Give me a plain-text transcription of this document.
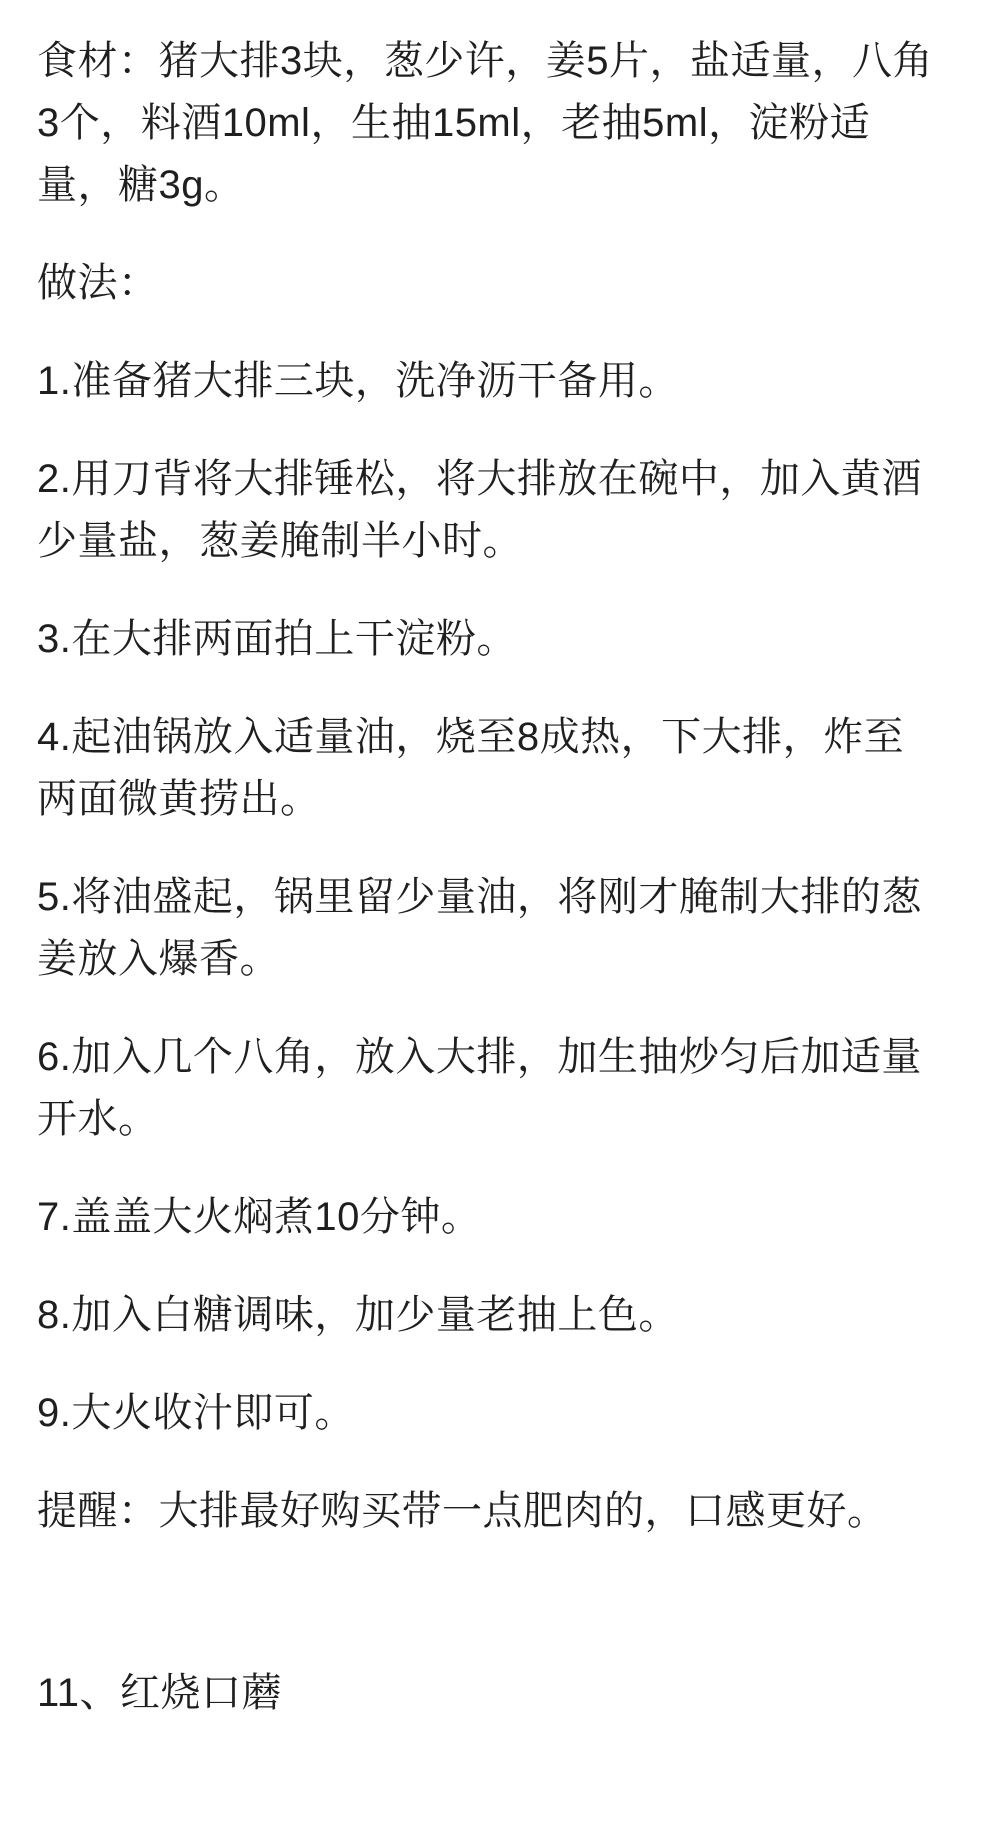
食材：猪大排3块，葱少许，姜5片，盐适量，八角
3个，料酒10ml，生抽15ml，老抽5ml，淀粉适
量，糖3g。

做法：

1.准备猪大排三块，洗净沥干备用。

2.用刀背将大排锤松，将大排放在碗中，加入黄酒
少量盐，葱姜腌制半小时。

3.在大排两面拍上干淀粉。

4.起油锅放入适量油，烧至8成热，下大排，炸至
两面微黄捞出。

5.将油盛起，锅里留少量油，将刚才腌制大排的葱
姜放入爆香。

6.加入几个八角，放入大排，加生抽炒匀后加适量
开水。

7.盖盖大火焖煮10分钟。

8.加入白糖调味，加少量老抽上色。

9.大火收汁即可。

提醒：大排最好购买带一点肥肉的，口感更好。

11、红烧口蘑
